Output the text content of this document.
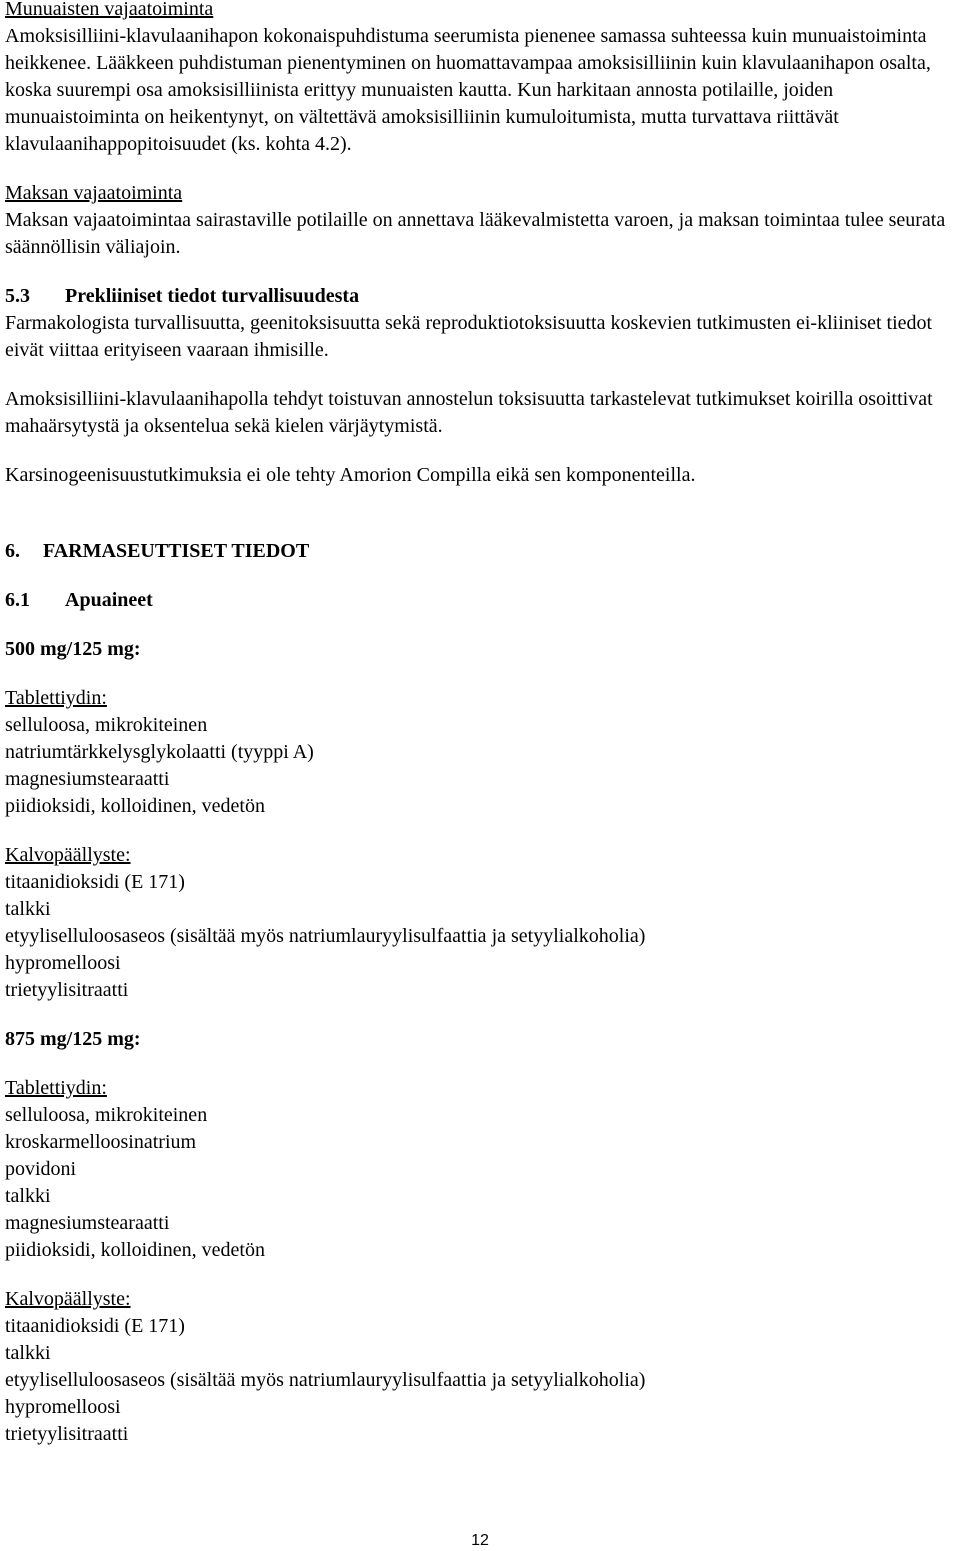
Munuaisten vajaatoiminta

Amoksisilliini-klavulaanihapon kokonaispuhdistuma seerumista pienenee samassa suhteessa kuin munuaistoiminta heikkenee. Lääkkeen puhdistuman pienentyminen on huomattavampaa amoksisilliinin kuin klavulaanihapon osalta, koska suurempi osa amoksisilliinista erittyy munuaisten kautta. Kun harkitaan annosta potilaille, joiden munuaistoiminta on heikentynyt, on vältettävä amoksisilliinin kumuloitumista, mutta turvattava riittävät klavulaanihappopitoisuudet (ks. kohta 4.2).

Maksan vajaatoiminta

Maksan vajaatoimintaa sairastaville potilaille on annettava lääkevalmistetta varoen, ja maksan toimintaa tulee seurata säännöllisin väliajoin.

5.3 Prekliiniset tiedot turvallisuudesta

Farmakologista turvallisuutta, geenitoksisuutta sekä reproduktiotoksisuutta koskevien tutkimusten ei-kliiniset tiedot eivät viittaa erityiseen vaaraan ihmisille.

Amoksisilliini-klavulaanihapolla tehdyt toistuvan annostelun toksisuutta tarkastelevat tutkimukset koirilla osoittivat mahaärsytystä ja oksentelua sekä kielen värjäytymistä.

Karsinogeenisuustutkimuksia ei ole tehty Amorion Compilla eikä sen komponenteilla.

6. FARMASEUTTISET TIEDOT

6.1 Apuaineet

500 mg/125 mg:

Tablettiydin:

selluloosa, mikrokiteinen
natriumtärkkelysglykolaatti (tyyppi A)
magnesiumstearaatti
piidioksidi, kolloidinen, vedetön

Kalvopäällyste:

titaanidioksidi (E 171)
talkki
etyyliselluloosaseos (sisältää myös natriumlauryylisulfaattia ja setyylialkoholia)
hypromelloosi
trietyylisitraatti

875 mg/125 mg:

Tablettiydin:

selluloosa, mikrokiteinen
kroskarmelloosinatrium
povidoni
talkki
magnesiumstearaatti
piidioksidi, kolloidinen, vedetön

Kalvopäällyste:

titaanidioksidi (E 171)
talkki
etyyliselluloosaseos (sisältää myös natriumlauryylisulfaattia ja setyylialkoholia)
hypromelloosi
trietyylisitraatti
12
